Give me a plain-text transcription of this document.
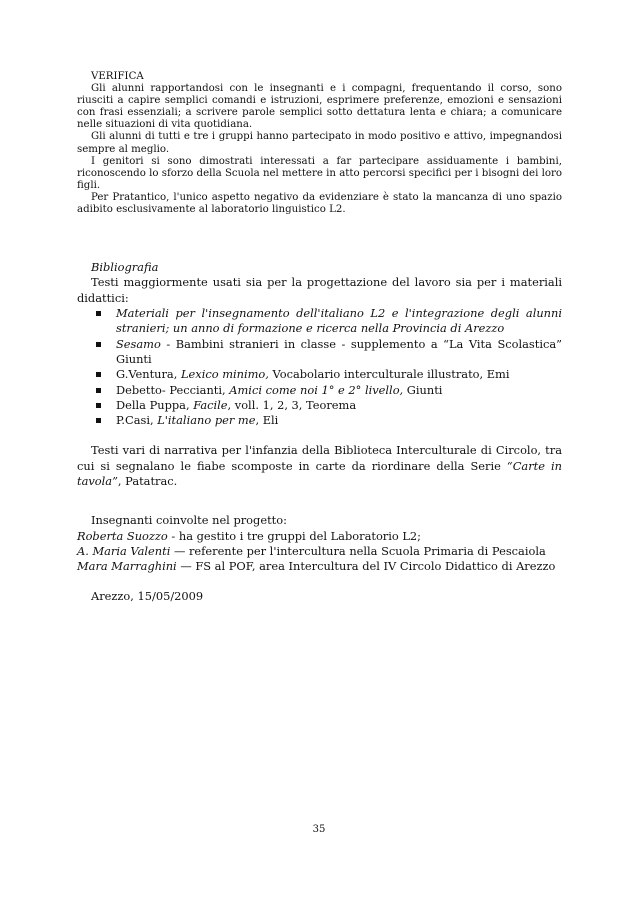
VERIFICA

Gli alunni rapportandosi con le insegnanti e i compagni, frequentando il corso, sono riusciti a capire semplici comandi e istruzioni, esprimere preferenze, emozioni e sensazioni con frasi essenziali; a scrivere parole semplici sotto dettatura lenta e chiara; a comunicare nelle situazioni di vita quotidiana.

Gli alunni di tutti e tre i gruppi hanno partecipato in modo positivo e attivo, impegnandosi sempre al meglio.

I genitori si sono dimostrati interessati a far partecipare assiduamente i bambini, riconoscendo lo sforzo della Scuola nel mettere in atto percorsi specifici per i bisogni dei loro figli.

Per Pratantico, l'unico aspetto negativo da evidenziare è stato la mancanza di uno spazio adibito esclusivamente al laboratorio linguistico L2.

Bibliografia

Testi maggiormente usati sia per la progettazione del lavoro sia per i materiali didattici:

Materiali per l'insegnamento dell'italiano L2 e l'integrazione degli alunni stranieri; un anno di formazione e ricerca nella Provincia di Arezzo
Sesamo - Bambini stranieri in classe - supplemento a “La Vita Scolastica” Giunti
G.Ventura, Lexico minimo, Vocabolario interculturale illustrato, Emi
Debetto- Peccianti, Amici come noi 1° e 2° livello, Giunti
Della Puppa, Facile, voll. 1, 2, 3, Teorema
P.Casi, L'italiano per me, Eli

Testi vari di narrativa per l'infanzia della Biblioteca Interculturale di Circolo, tra cui si segnalano le fiabe scomposte in carte da riordinare della Serie “Carte in tavola”, Patatrac.

Insegnanti coinvolte nel progetto:

Roberta Suozzo - ha gestito i tre gruppi del Laboratorio L2;

A. Maria Valenti — referente per l'intercultura nella Scuola Primaria di Pescaiola

Mara Marraghini — FS al POF, area Intercultura del IV Circolo Didattico di Arezzo

Arezzo, 15/05/2009

35
